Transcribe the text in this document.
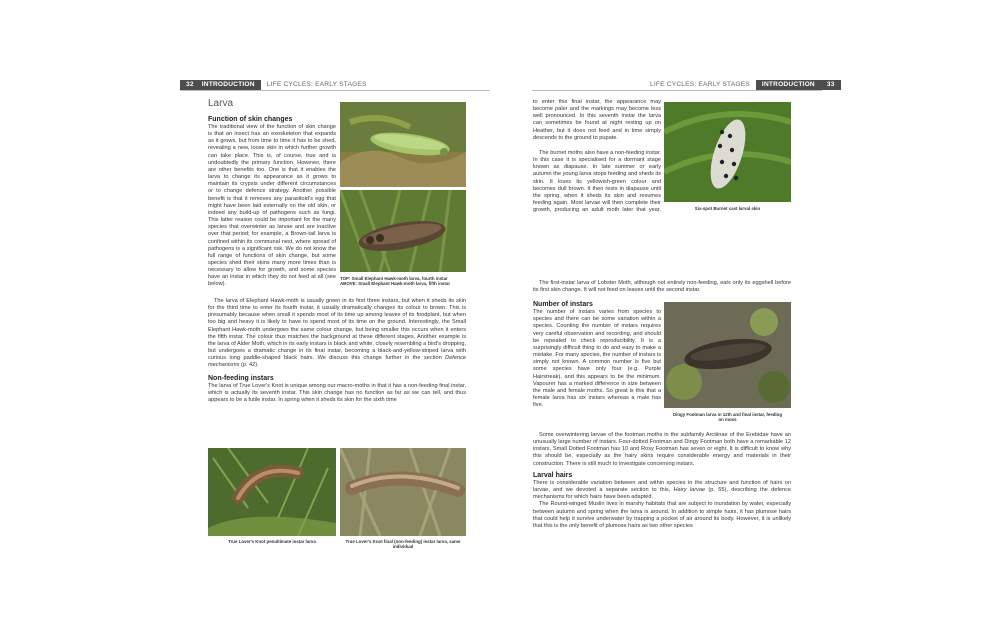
32	INTRODUCTION	LIFE CYCLES: EARLY STAGES
Larva
Function of skin changes

The traditional view of the function of skin change is that an insect has an exoskeleton that expands as it grows, but from time to time it has to be shed, revealing a new, loose skin in which further growth can take place. This is, of course, true and is undoubtedly the primary function. However, there are other benefits too. One is that it enables the larva to change its appearance as it grows to maintain its crypsis under different circumstances or to change defence strategy. Another possible benefit is that it removes any parasitoid's egg that might have been laid externally on the old skin, or indeed any build-up of pathogens such as fungi. This latter reason could be important for the many species that overwinter as larvae and are inactive over that period; for example, a Brown-tail larva is confined within its communal nest, where spread of pathogens is a significant risk. We do not know the full range of functions of skin change, but some species shed their skins many more times than is necessary to allow for growth, and some species have an instar in which they do not feed at all (see below).

The larva of Elephant Hawk-moth is usually green in its first three instars, but when it sheds its skin for the third time to enter its fourth instar, it usually dramatically changes its colour to brown. This is presumably because when small it spends most of its time up among leaves of its foodplant, but when too big and heavy it is likely to have to spend most of its time on the ground. Interestingly, the Small Elephant Hawk-moth undergoes the same colour change, but being smaller this occurs when it enters the fifth instar. The colour thus matches the background at these different stages. Another example is the larva of Alder Moth, which in its early instars is black and white, closely resembling a bird's dropping, but undergoes a dramatic change in its final instar, becoming a black-and-yellow-striped larva with curious long paddle-shaped black hairs. We discuss this change further in the section Defence mechanisms (p. 42).

Non-feeding instars

The larva of True Lover's Knot is unique among our macro-moths in that it has a non-feeding final instar, which is actually its seventh instar. This skin change has no function as far as we can tell, and thus appears to be a futile instar. In spring when it sheds its skin for the sixth time

TOP: Small Elephant Hawk-moth larva, fourth instar
ABOVE: Small Elephant Hawk-moth larva, fifth instar
True Lover's Knot penultimate instar larva	True Lover's Knot final (non-feeding) instar larva, same individual
LIFE CYCLES: EARLY STAGES	INTRODUCTION	33

to enter this final instar, the appearance may become paler and the markings may become less well pronounced. In this seventh instar the larva can sometimes be found at night resting up on Heather, but it does not feed and in time simply descends to the ground to pupate.

The burnet moths also have a non-feeding instar. In this case it is specialised for a dormant stage known as diapause. In late summer or early autumn the young larva stops feeding and sheds its skin. It loses its yellowish-green colour and becomes dull brown. It then rests in diapause until the spring, when it sheds its skin and resumes feeding again. Most larvae will then complete their growth, producing an adult moth later that year.

The first-instar larva of Lobster Moth, although not entirely non-feeding, eats only its eggshell before its first skin change. It will not feed on leaves until the second instar.

Number of instars

The number of instars varies from species to species and there can be some variation within a species. Counting the number of instars requires very careful observation and recording, and should be repeated to check reproducibility. It is a surprisingly difficult thing to do and easy to make a mistake. For many species, the number of instars is simply not known. A common number is five but some species have only four (e.g. Purple Hairstreak), and this appears to be the minimum. Vapourer has a marked difference in size between the male and female moths. So great is this that a female larva has six instars whereas a male has five.

Some overwintering larvae of the footman moths in the subfamily Arctiinae of the Erebidae have an unusually large number of instars. Four-dotted Footman and Dingy Footman both have a remarkable 12 instars, Small Dotted Footman has 10 and Rosy Footman has seven or eight. It is difficult to know why this should be, especially as the hairy skins require considerable energy and materials in their construction. There is still much to investigate concerning instars.

Larval hairs

There is considerable variation between and within species in the structure and function of hairs on larvae, and we devoted a separate section to this, Hairy larvae (p. 55), describing the defence mechanisms for which hairs have been adapted.

The Round-winged Muslin lives in marshy habitats that are subject to inundation by water, especially between autumn and spring when the larva is around. In addition to simple hairs, it has plumose hairs that could help it survive underwater by trapping a pocket of air around its body. However, it is unlikely that this is the only benefit of plumose hairs as two other species

Six-spot Burnet cast larval skin
Dingy Footman larva in 12th and final instar, feeding on moss
